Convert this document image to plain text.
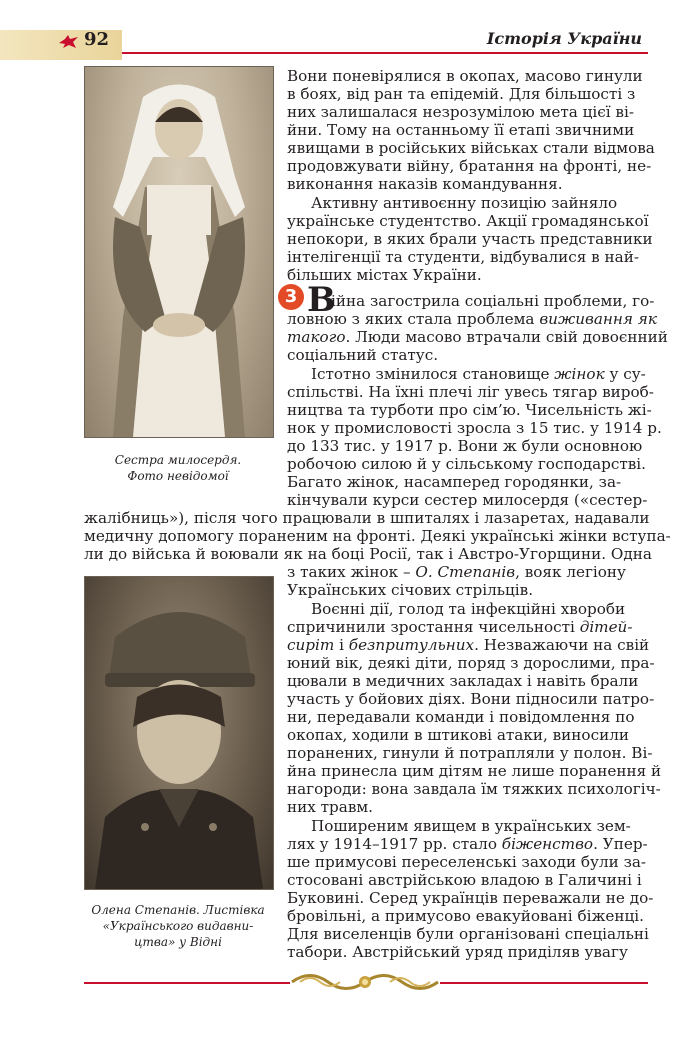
92	Історія України
Сестра милосердя.
Фото невідомої
Олена Степанів. Листівка
«Українського видавни-
цтва» у Відні
Вони поневірялися в окопах, масово гинули
в боях, від ран та епідемій. Для більшості з
них залишалася незрозумілою мета цієї ві-
йни. Тому на останньому її етапі звичними
явищами в російських військах стали відмова
продовжувати війну, братання на фронті, не-
виконання наказів командування.
Активну антивоєнну позицію зайняло
українське студентство. Акції громадянської
непокори, в яких брали участь представники
інтелігенції та студенти, відбувалися в най-
більших містах України.
3 В
ійна загострила соціальні проблеми, го-
ловною з яких стала проблема виживання як
такого. Люди масово втрачали свій довоєнний
соціальний статус.
Істотно змінилося становище жінок у су-
спільстві. На їхні плечі ліг увесь тягар вироб-
ництва та турботи про сім’ю. Чисельність жі-
нок у промисловості зросла з 15 тис. у 1914 р.
до 133 тис. у 1917 р. Вони ж були основною
робочою силою й у сільському господарстві.
Багато жінок, насамперед городянки, за-
кінчували курси сестер милосердя («сестер-
жалібниць»), після чого працювали в шпиталях і лазаретах, надавали
медичну допомогу пораненим на фронті. Деякі українські жінки вступа-
ли до війська й воювали як на боці Росії, так і Австро-Угорщини. Одна
з таких жінок – О. Степанів, вояк легіону
Українських січових стрільців.
Воєнні дії, голод та інфекційні хвороби
спричинили зростання чисельності дітей-
сиріт і безпритульних. Незважаючи на свій
юний вік, деякі діти, поряд з дорослими, пра-
цювали в медичних закладах і навіть брали
участь у бойових діях. Вони підносили патро-
ни, передавали команди і повідомлення по
окопах, ходили в штикові атаки, виносили
поранених, гинули й потрапляли у полон. Ві-
йна принесла цим дітям не лише поранення й
нагороди: вона завдала їм тяжких психологіч-
них травм.
Поширеним явищем в українських зем-
лях у 1914–1917 рр. стало біженство. Упер-
ше примусові переселенські заходи були за-
стосовані австрійською владою в Галичині і
Буковині. Серед українців переважали не до-
бровільні, а примусово евакуйовані біженці.
Для виселенців були організовані спеціальні
табори. Австрійський уряд приділяв увагу
